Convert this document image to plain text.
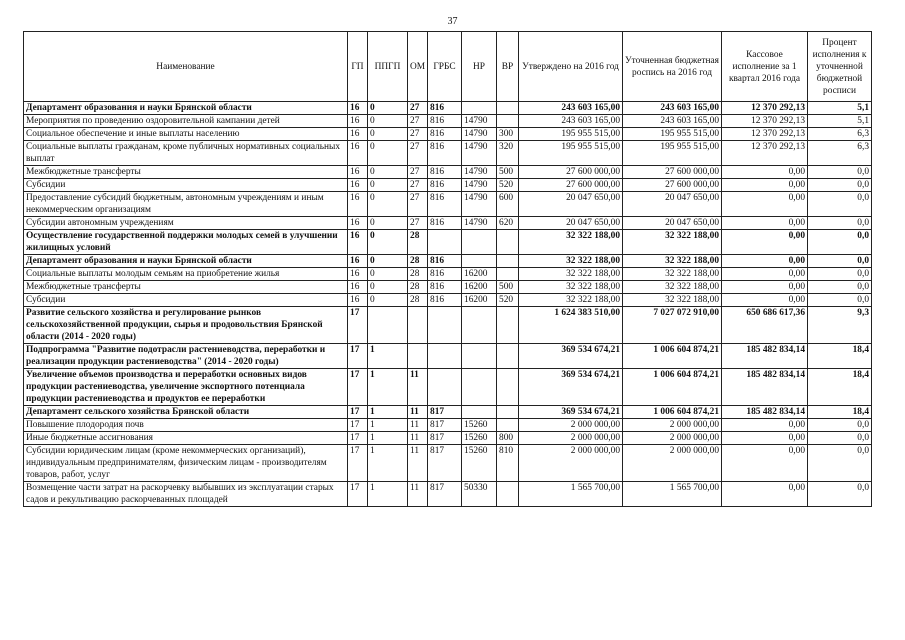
37
Наименование	ГП	ППГП	ОМ	ГРБС	НР	ВР	Утверждено на 2016 год	Уточненная бюджетная роспись на 2016 год	Кассовое исполнение за 1 квартал 2016 года	Процент исполнения к уточненной бюджетной росписи
Департамент образования и науки Брянской области	16	0	27	816			243 603 165,00	243 603 165,00	12 370 292,13	5,1
Мероприятия по проведению оздоровительной кампании детей	16	0	27	816	14790		243 603 165,00	243 603 165,00	12 370 292,13	5,1
Социальное обеспечение и иные выплаты населению	16	0	27	816	14790	300	195 955 515,00	195 955 515,00	12 370 292,13	6,3
Социальные выплаты гражданам, кроме публичных нормативных социальных выплат	16	0	27	816	14790	320	195 955 515,00	195 955 515,00	12 370 292,13	6,3
Межбюджетные трансферты	16	0	27	816	14790	500	27 600 000,00	27 600 000,00	0,00	0,0
Субсидии	16	0	27	816	14790	520	27 600 000,00	27 600 000,00	0,00	0,0
Предоставление субсидий бюджетным, автономным учреждениям и иным некоммерческим организациям	16	0	27	816	14790	600	20 047 650,00	20 047 650,00	0,00	0,0
Субсидии автономным учреждениям	16	0	27	816	14790	620	20 047 650,00	20 047 650,00	0,00	0,0
Осуществление государственной поддержки молодых семей в улучшении жилищных условий	16	0	28				32 322 188,00	32 322 188,00	0,00	0,0
Департамент образования и науки Брянской области	16	0	28	816			32 322 188,00	32 322 188,00	0,00	0,0
Социальные выплаты молодым семьям на приобретение жилья	16	0	28	816	16200		32 322 188,00	32 322 188,00	0,00	0,0
Межбюджетные трансферты	16	0	28	816	16200	500	32 322 188,00	32 322 188,00	0,00	0,0
Субсидии	16	0	28	816	16200	520	32 322 188,00	32 322 188,00	0,00	0,0
Развитие сельского хозяйства и регулирование рынков сельскохозяйственной продукции, сырья и продовольствия Брянской области (2014 - 2020 годы)	17						1 624 383 510,00	7 027 072 910,00	650 686 617,36	9,3
Подпрограмма "Развитие подотрасли растениеводства, переработки и реализации продукции растениеводства" (2014 - 2020 годы)	17	1					369 534 674,21	1 006 604 874,21	185 482 834,14	18,4
Увеличение объемов производства и переработки основных видов продукции растениеводства, увеличение экспортного потенциала продукции растениеводства и продуктов ее переработки	17	1	11				369 534 674,21	1 006 604 874,21	185 482 834,14	18,4
Департамент сельского хозяйства Брянской области	17	1	11	817			369 534 674,21	1 006 604 874,21	185 482 834,14	18,4
Повышение плодородия почв	17	1	11	817	15260		2 000 000,00	2 000 000,00	0,00	0,0
Иные бюджетные ассигнования	17	1	11	817	15260	800	2 000 000,00	2 000 000,00	0,00	0,0
Субсидии юридическим лицам (кроме некоммерческих организаций), индивидуальным предпринимателям, физическим лицам - производителям товаров, работ, услуг	17	1	11	817	15260	810	2 000 000,00	2 000 000,00	0,00	0,0
Возмещение части затрат на раскорчевку выбывших из эксплуатации старых садов и рекультивацию раскорчеванных площадей	17	1	11	817	50330		1 565 700,00	1 565 700,00	0,00	0,0
